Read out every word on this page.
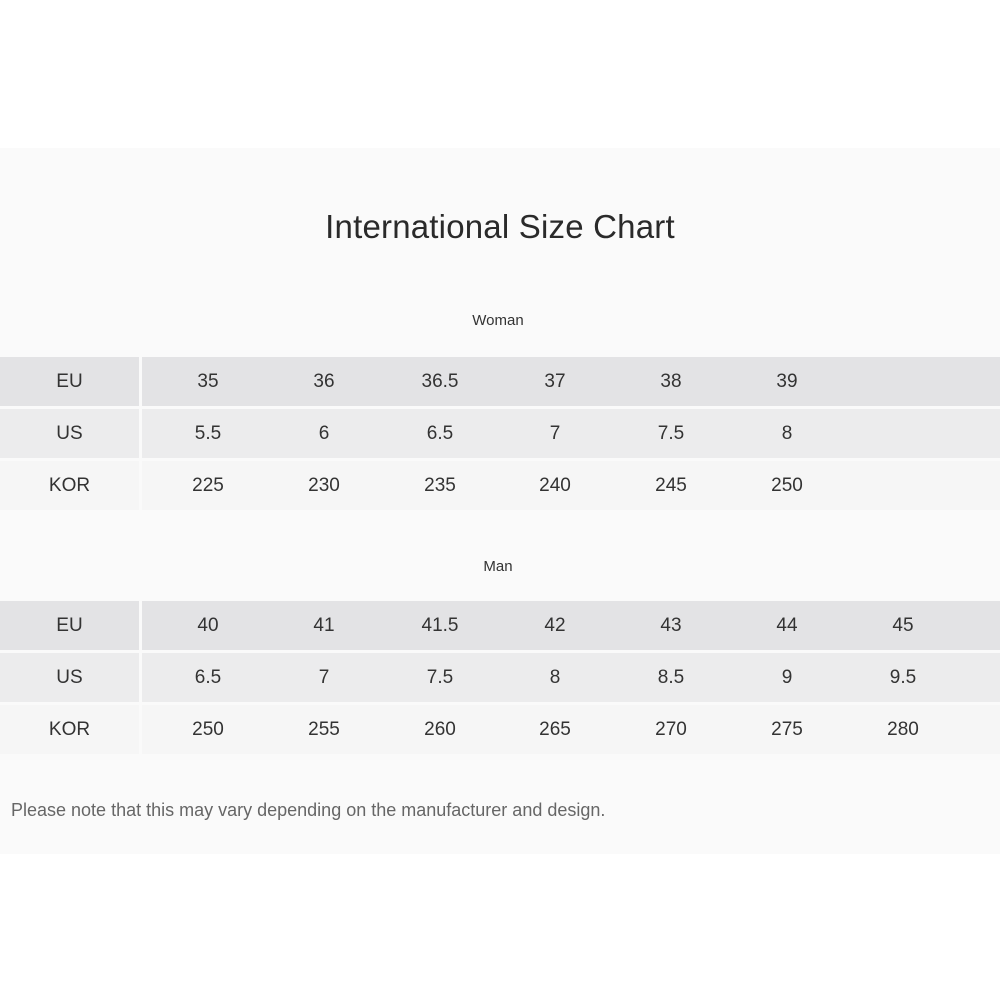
International Size Chart
Woman
EU	35	36	36.5	37	38	39
US	5.5	6	6.5	7	7.5	8
KOR	225	230	235	240	245	250
Man
EU	40	41	41.5	42	43	44	45
US	6.5	7	7.5	8	8.5	9	9.5
KOR	250	255	260	265	270	275	280

Please note that this may vary depending on the manufacturer and design.
